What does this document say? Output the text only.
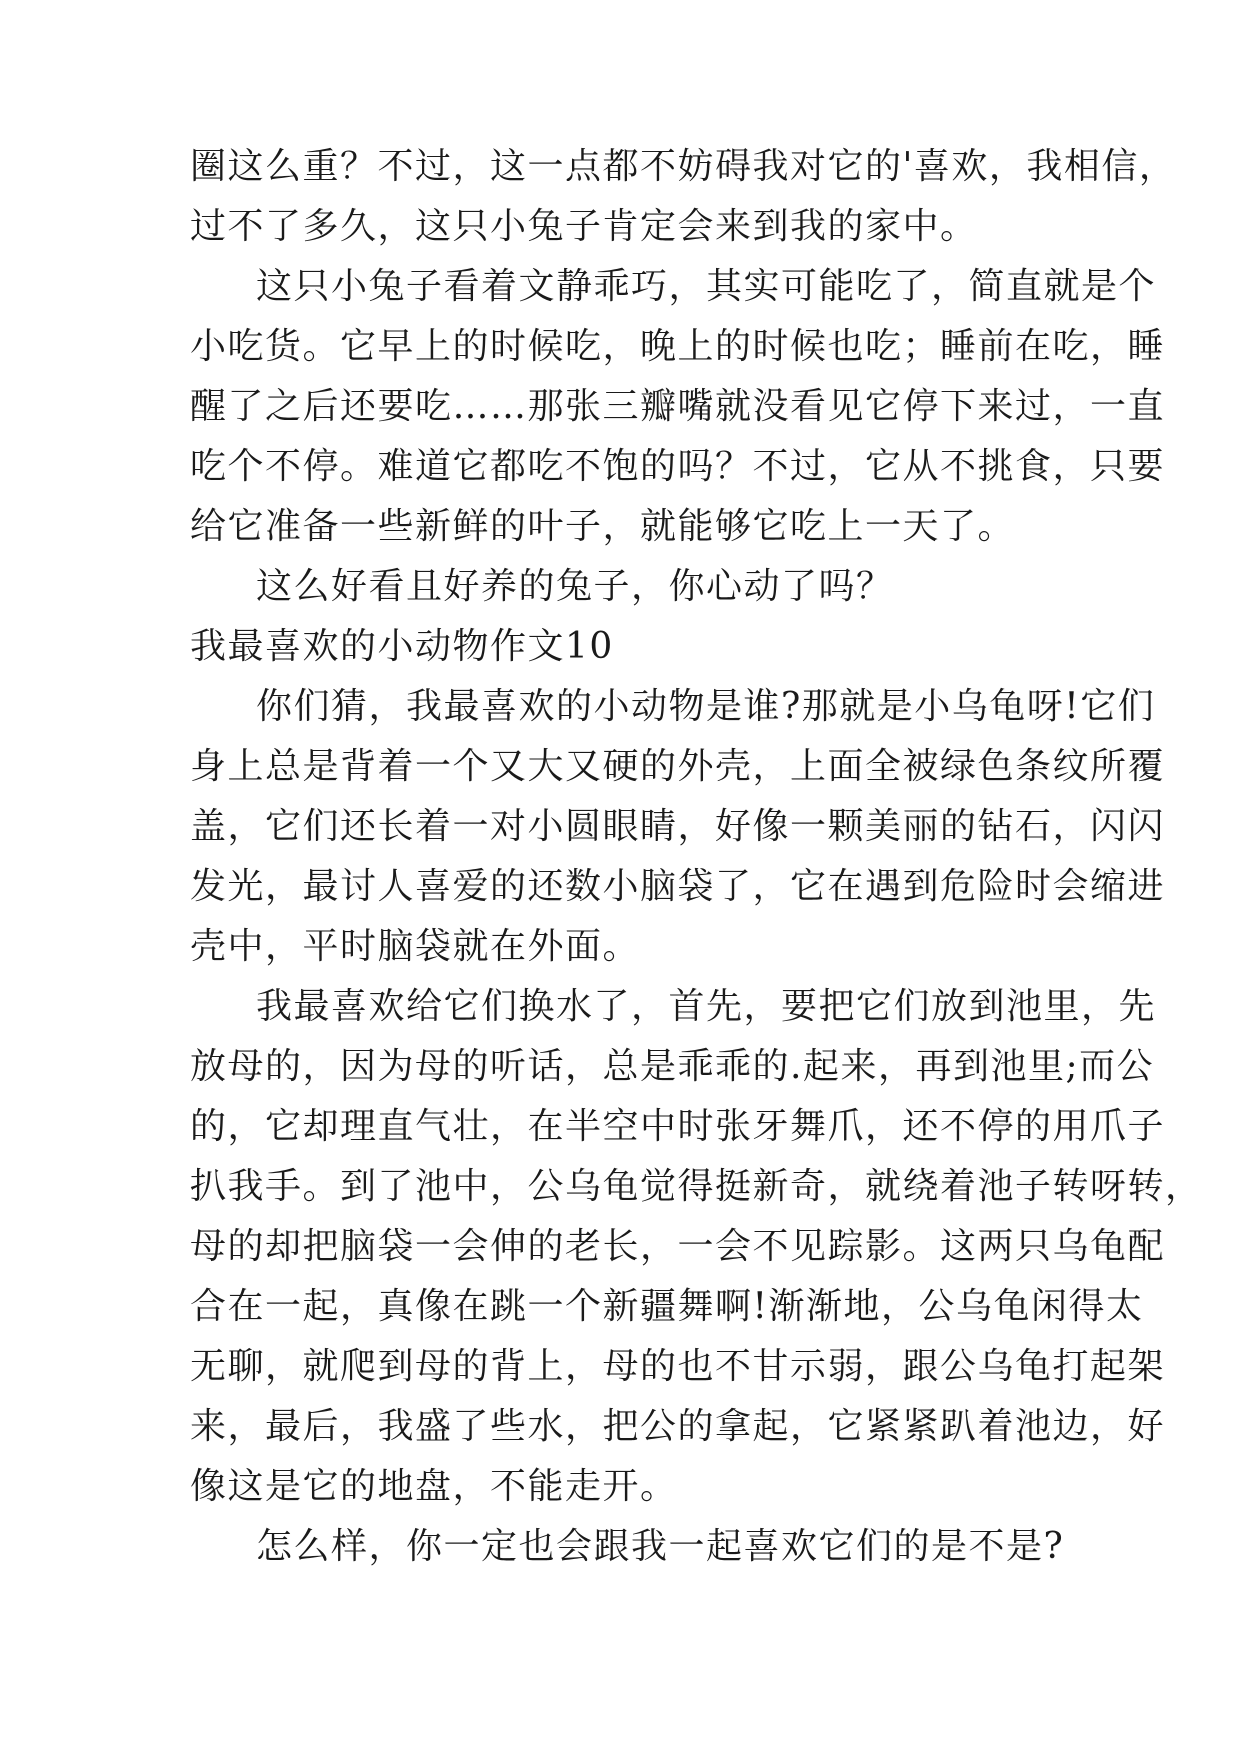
圈这么重？不过，这一点都不妨碍我对它的'喜欢，我相信，
过不了多久，这只小兔子肯定会来到我的家中。
这只小兔子看着文静乖巧，其实可能吃了，简直就是个
小吃货。它早上的时候吃，晚上的时候也吃；睡前在吃，睡
醒了之后还要吃……那张三瓣嘴就没看见它停下来过，一直
吃个不停。难道它都吃不饱的吗？不过，它从不挑食，只要
给它准备一些新鲜的叶子，就能够它吃上一天了。
这么好看且好养的兔子，你心动了吗？
我最喜欢的小动物作文10
你们猜，我最喜欢的小动物是谁?那就是小乌龟呀!它们
身上总是背着一个又大又硬的外壳，上面全被绿色条纹所覆
盖，它们还长着一对小圆眼睛，好像一颗美丽的钻石，闪闪
发光，最讨人喜爱的还数小脑袋了，它在遇到危险时会缩进
壳中，平时脑袋就在外面。
我最喜欢给它们换水了，首先，要把它们放到池里，先
放母的，因为母的听话，总是乖乖的.起来，再到池里;而公
的，它却理直气壮，在半空中时张牙舞爪，还不停的用爪子
扒我手。到了池中，公乌龟觉得挺新奇，就绕着池子转呀转，
母的却把脑袋一会伸的老长，一会不见踪影。这两只乌龟配
合在一起，真像在跳一个新疆舞啊!渐渐地，公乌龟闲得太
无聊，就爬到母的背上，母的也不甘示弱，跟公乌龟打起架
来，最后，我盛了些水，把公的拿起，它紧紧趴着池边，好
像这是它的地盘，不能走开。
怎么样，你一定也会跟我一起喜欢它们的是不是?
